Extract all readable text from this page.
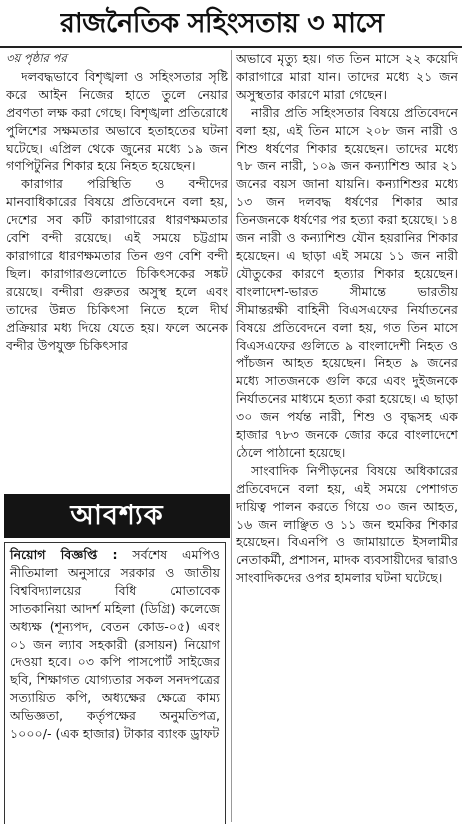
রাজনৈতিক সহিংসতায় ৩ মাসে

৩য় পৃষ্ঠার পর

দলবদ্ধভাবে বিশৃঙ্খলা ও সহিংসতার সৃষ্টি করে আইন নিজের হাতে তুলে নেয়ার প্রবণতা লক্ষ করা গেছে। বিশৃঙ্খলা প্রতিরোধে পুলিশের সক্ষমতার অভাবে হতাহতের ঘটনা ঘটেছে। এপ্রিল থেকে জুনের মধ্যে ১৯ জন গণপিটুনির শিকার হয়ে নিহত হয়েছেন।

কারাগার পরিস্থিতি ও বন্দীদের মানবাধিকারের বিষয়ে প্রতিবেদনে বলা হয়, দেশের সব কটি কারাগারের ধারণক্ষমতার বেশি বন্দী রয়েছে। এই সময়ে চট্টগ্রাম কারাগারে ধারণক্ষমতার তিন গুণ বেশি বন্দী ছিল। কারাগারগুলোতে চিকিৎসকের সঙ্কট রয়েছে। বন্দীরা গুরুতর অসুস্থ হলে এবং তাদের উন্নত চিকিৎসা নিতে হলে দীর্ঘ প্রক্রিয়ার মধ্য দিয়ে যেতে হয়। ফলে অনেক বন্দীর উপযুক্ত চিকিৎসার

অভাবে মৃত্যু হয়। গত তিন মাসে ২২ কয়েদি কারাগারে মারা যান। তাদের মধ্যে ২১ জন অসুস্থতার কারণে মারা গেছেন।

নারীর প্রতি সহিংসতার বিষয়ে প্রতিবেদনে বলা হয়, এই তিন মাসে ২০৮ জন নারী ও শিশু ধর্ষণের শিকার হয়েছেন। তাদের মধ্যে ৭৮ জন নারী, ১০৯ জন কন্যাশিশু আর ২১ জনের বয়স জানা যায়নি। কন্যাশিশুর মধ্যে ১৩ জন দলবদ্ধ ধর্ষণের শিকার আর তিনজনকে ধর্ষণের পর হত্যা করা হয়েছে। ১৪ জন নারী ও কন্যাশিশু যৌন হয়রানির শিকার হয়েছেন। এ ছাড়া এই সময়ে ১১ জন নারী যৌতুকের কারণে হত্যার শিকার হয়েছেন। বাংলাদেশ-ভারত সীমান্তে ভারতীয় সীমান্তরক্ষী বাহিনী বিএসএফের নির্যাতনের বিষয়ে প্রতিবেদনে বলা হয়, গত তিন মাসে বিএসএফের গুলিতে ৯ বাংলাদেশী নিহত ও পাঁচজন আহত হয়েছেন। নিহত ৯ জনের মধ্যে সাতজনকে গুলি করে এবং দুইজনকে নির্যাতনের মাধ্যমে হত্যা করা হয়েছে। এ ছাড়া ৩০ জন পর্যন্ত নারী, শিশু ও বৃদ্ধসহ এক হাজার ৭৮৩ জনকে জোর করে বাংলাদেশে ঠেলে পাঠানো হয়েছে।

সাংবাদিক নিপীড়নের বিষয়ে অধিকারের প্রতিবেদনে বলা হয়, এই সময়ে পেশাগত দায়িত্ব পালন করতে গিয়ে ৩০ জন আহত, ১৬ জন লাঞ্ছিত ও ১১ জন হুমকির শিকার হয়েছেন। বিএনপি ও জামায়াতে ইসলামীর নেতাকর্মী, প্রশাসন, মাদক ব্যবসায়ীদের দ্বারাও সাংবাদিকদের ওপর হামলার ঘটনা ঘটেছে।

আবশ্যক

নিয়োগ বিজ্ঞপ্তি : সর্বশেষ এমপিও নীতিমালা অনুসারে সরকার ও জাতীয় বিশ্ববিদ্যালয়ের বিধি মোতাবেক সাতকানিয়া আদর্শ মহিলা (ডিগ্রি) কলেজে অধ্যক্ষ (শূন্যপদ, বেতন কোড-০৫) এবং ০১ জন ল্যাব সহকারী (রসায়ন) নিয়োগ দেওয়া হবে। ০৩ কপি পাসপোর্ট সাইজের ছবি, শিক্ষাগত যোগ্যতার সকল সনদপত্রের সত্যায়িত কপি, অধ্যক্ষের ক্ষেত্রে কাম্য অভিজ্ঞতা, কর্তৃপক্ষের অনুমতিপত্র, ১০০০/- (এক হাজার) টাকার ব্যাংক ড্রাফট
